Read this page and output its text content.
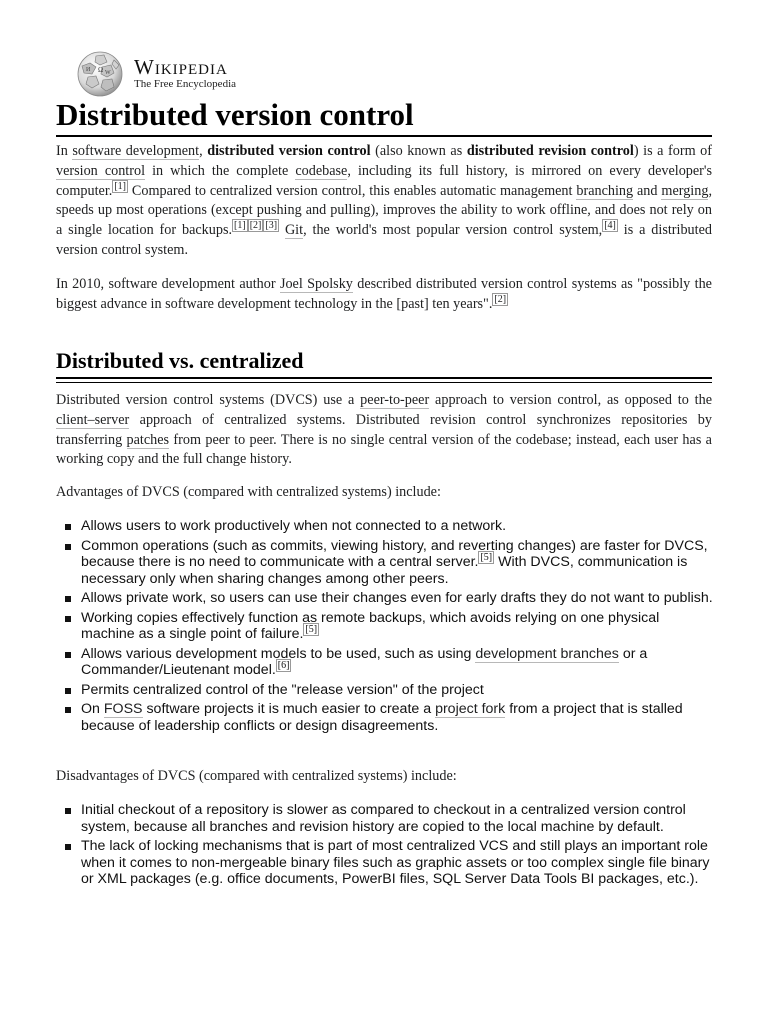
Ω
И W Wikipedia
The Free Encyclopedia
Distributed version control

In software development, distributed version control (also known as distributed revision control) is a form of version control in which the complete codebase, including its full history, is mirrored on every developer's computer. [1] Compared to centralized version control, this enables automatic management branching and merging, speeds up most operations (except pushing and pulling), improves the ability to work offline, and does not rely on a single location for backups. [1] [2] [3] Git, the world's most popular version control system, [4] is a distributed version control system.

In 2010, software development author Joel Spolsky described distributed version control systems as "possibly the biggest advance in software development technology in the [past] ten years". [2]

Distributed vs. centralized

Distributed version control systems (DVCS) use a peer-to-peer approach to version control, as opposed to the client–server approach of centralized systems. Distributed revision control synchronizes repositories by transferring patches from peer to peer. There is no single central version of the codebase; instead, each user has a working copy and the full change history.

Advantages of DVCS (compared with centralized systems) include:

Allows users to work productively when not connected to a network.
Common operations (such as commits, viewing history, and reverting changes) are faster for DVCS, because there is no need to communicate with a central server. [5] With DVCS, communication is necessary only when sharing changes among other peers.
Allows private work, so users can use their changes even for early drafts they do not want to publish.
Working copies effectively function as remote backups, which avoids relying on one physical machine as a single point of failure. [5]
Allows various development models to be used, such as using development branches or a Commander/Lieutenant model. [6]
Permits centralized control of the "release version" of the project
On FOSS software projects it is much easier to create a project fork from a project that is stalled because of leadership conflicts or design disagreements.

Disadvantages of DVCS (compared with centralized systems) include:

Initial checkout of a repository is slower as compared to checkout in a centralized version control system, because all branches and revision history are copied to the local machine by default.
The lack of locking mechanisms that is part of most centralized VCS and still plays an important role when it comes to non-mergeable binary files such as graphic assets or too complex single file binary or XML packages (e.g. office documents, PowerBI files, SQL Server Data Tools BI packages, etc.).
